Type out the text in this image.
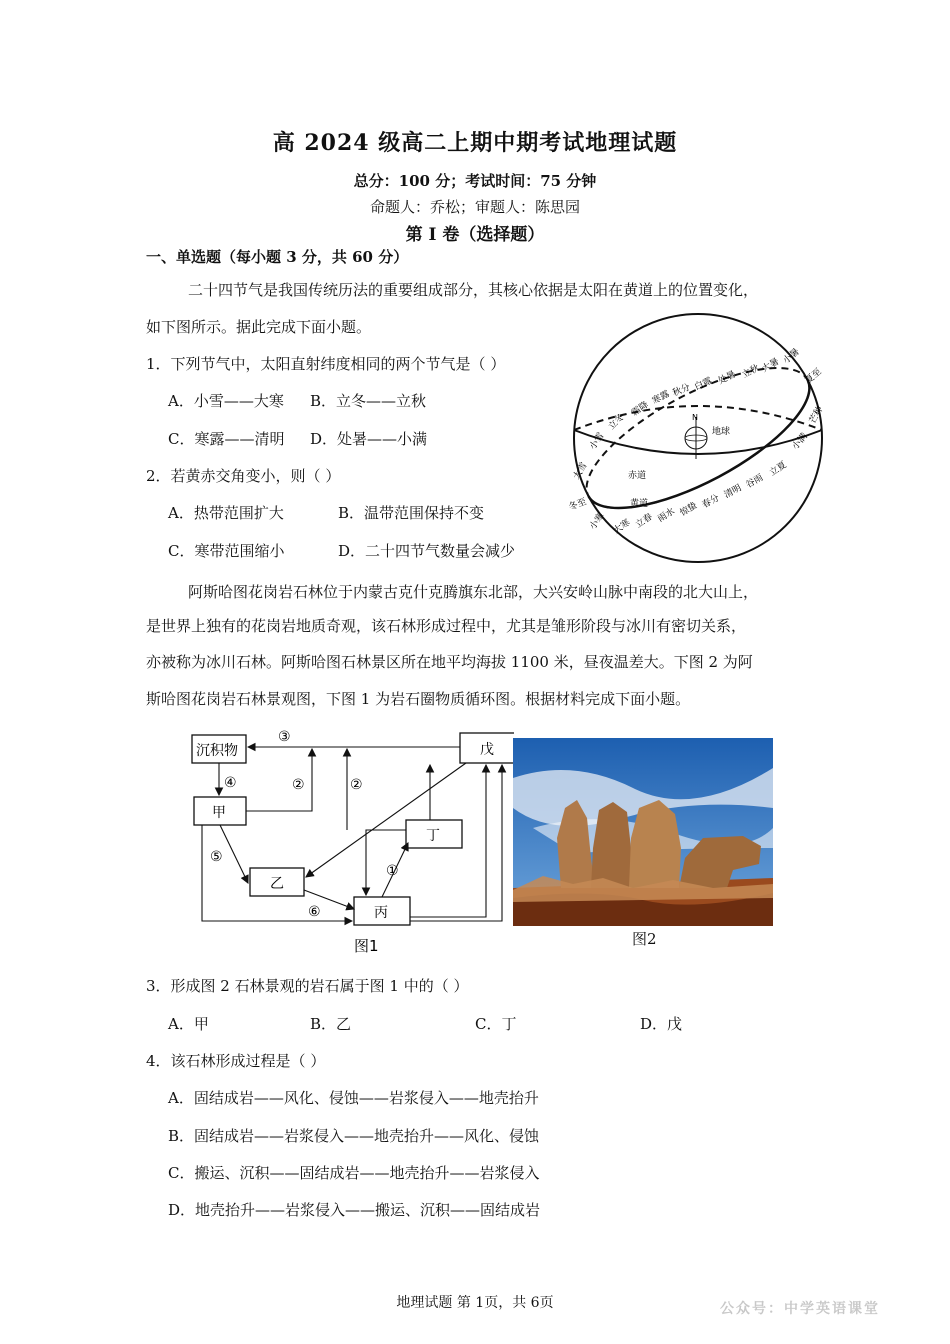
高 2024 级高二上期中期考试地理试题
总分：100 分；考试时间：75 分钟
命题人：乔松；审题人：陈思园
第 I 卷（选择题）
一、单选题（每小题 3 分，共 60 分）
二十四节气是我国传统历法的重要组成部分，其核心依据是太阳在黄道上的位置变化，
如下图所示。据此完成下面小题。
1．下列节气中，太阳直射纬度相同的两个节气是（ ）
A．小雪——大寒 B．立冬——立秋
C．寒露——清明 D．处暑——小满
2．若黄赤交角变小，则（ ）
A．热带范围扩大	B．温带范围保持不变
C．寒带范围缩小	D．二十四节气数量会减少
N
地球
赤道
黄道
夏至
小暑
大暑
立秋
处暑
白露
秋分
寒露
霜降
立冬
小雪
大雪
冬至
小寒 大寒 立春 雨水 惊蛰 春分
清明
谷雨
立夏
小满
芒种
阿斯哈图花岗岩石林位于内蒙古克什克腾旗东北部，大兴安岭山脉中南段的北大山上，
是世界上独有的花岗岩地质奇观，该石林形成过程中，尤其是雏形阶段与冰川有密切关系，
亦被称为冰川石林。阿斯哈图石林景区所在地平均海拔 1100 米，昼夜温差大。下图 2 为阿
斯哈图花岗岩石林景观图，下图 1 为岩石圈物质循环图。根据材料完成下面小题。
沉积物
甲
乙
丙
丁
戊
③
④	②	②
⑤
⑥
①
图1	图2
3．形成图 2 石林景观的岩石属于图 1 中的（ ）
A．甲	B．乙	C．丁	D．戊
4．该石林形成过程是（ ）
A．固结成岩——风化、侵蚀——岩浆侵入——地壳抬升
B．固结成岩——岩浆侵入——地壳抬升——风化、侵蚀
C．搬运、沉积——固结成岩——地壳抬升——岩浆侵入
D．地壳抬升——岩浆侵入——搬运、沉积——固结成岩
地理试题 第 1页，共 6页	公众号：中学英语课堂
